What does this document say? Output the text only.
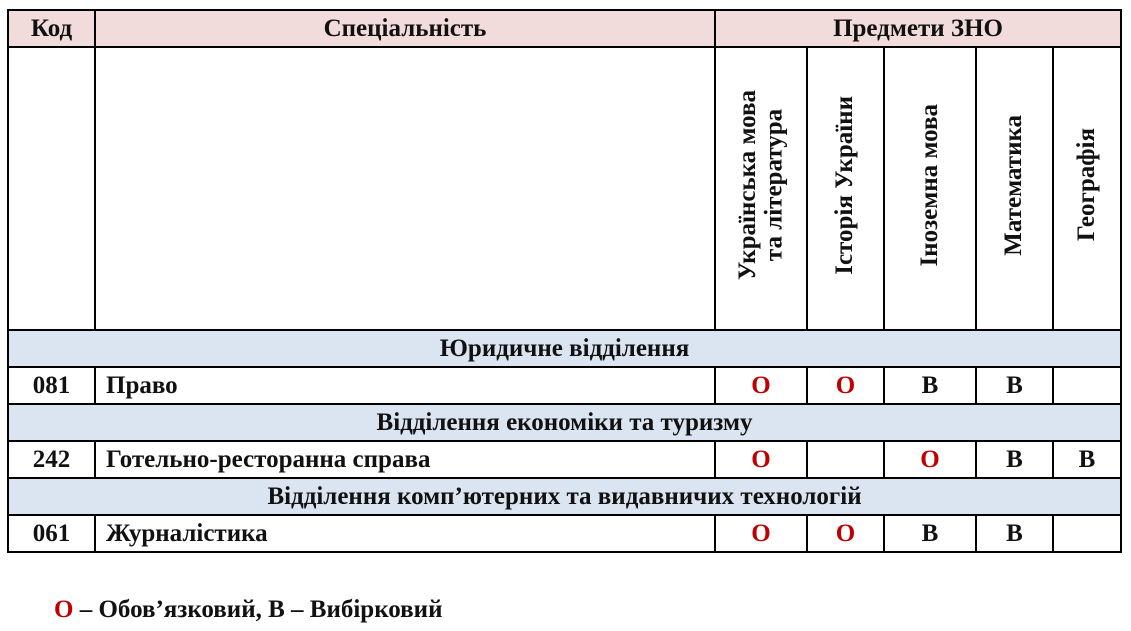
Код	Спеціальність	Предмети ЗНО				
		Українська мова
та література	Історія України	Іноземна мова	Математика	Географія
Юридичне відділення						
081	Право	О	О	В	В	
Відділення економіки та туризму						
242	Готельно-ресторанна справа	О		О	В	В
Відділення комп’ютерних та видавничих технологій						
061	Журналістика	О	О	В	В	
О – Обов’язковий, В – Вибірковий
